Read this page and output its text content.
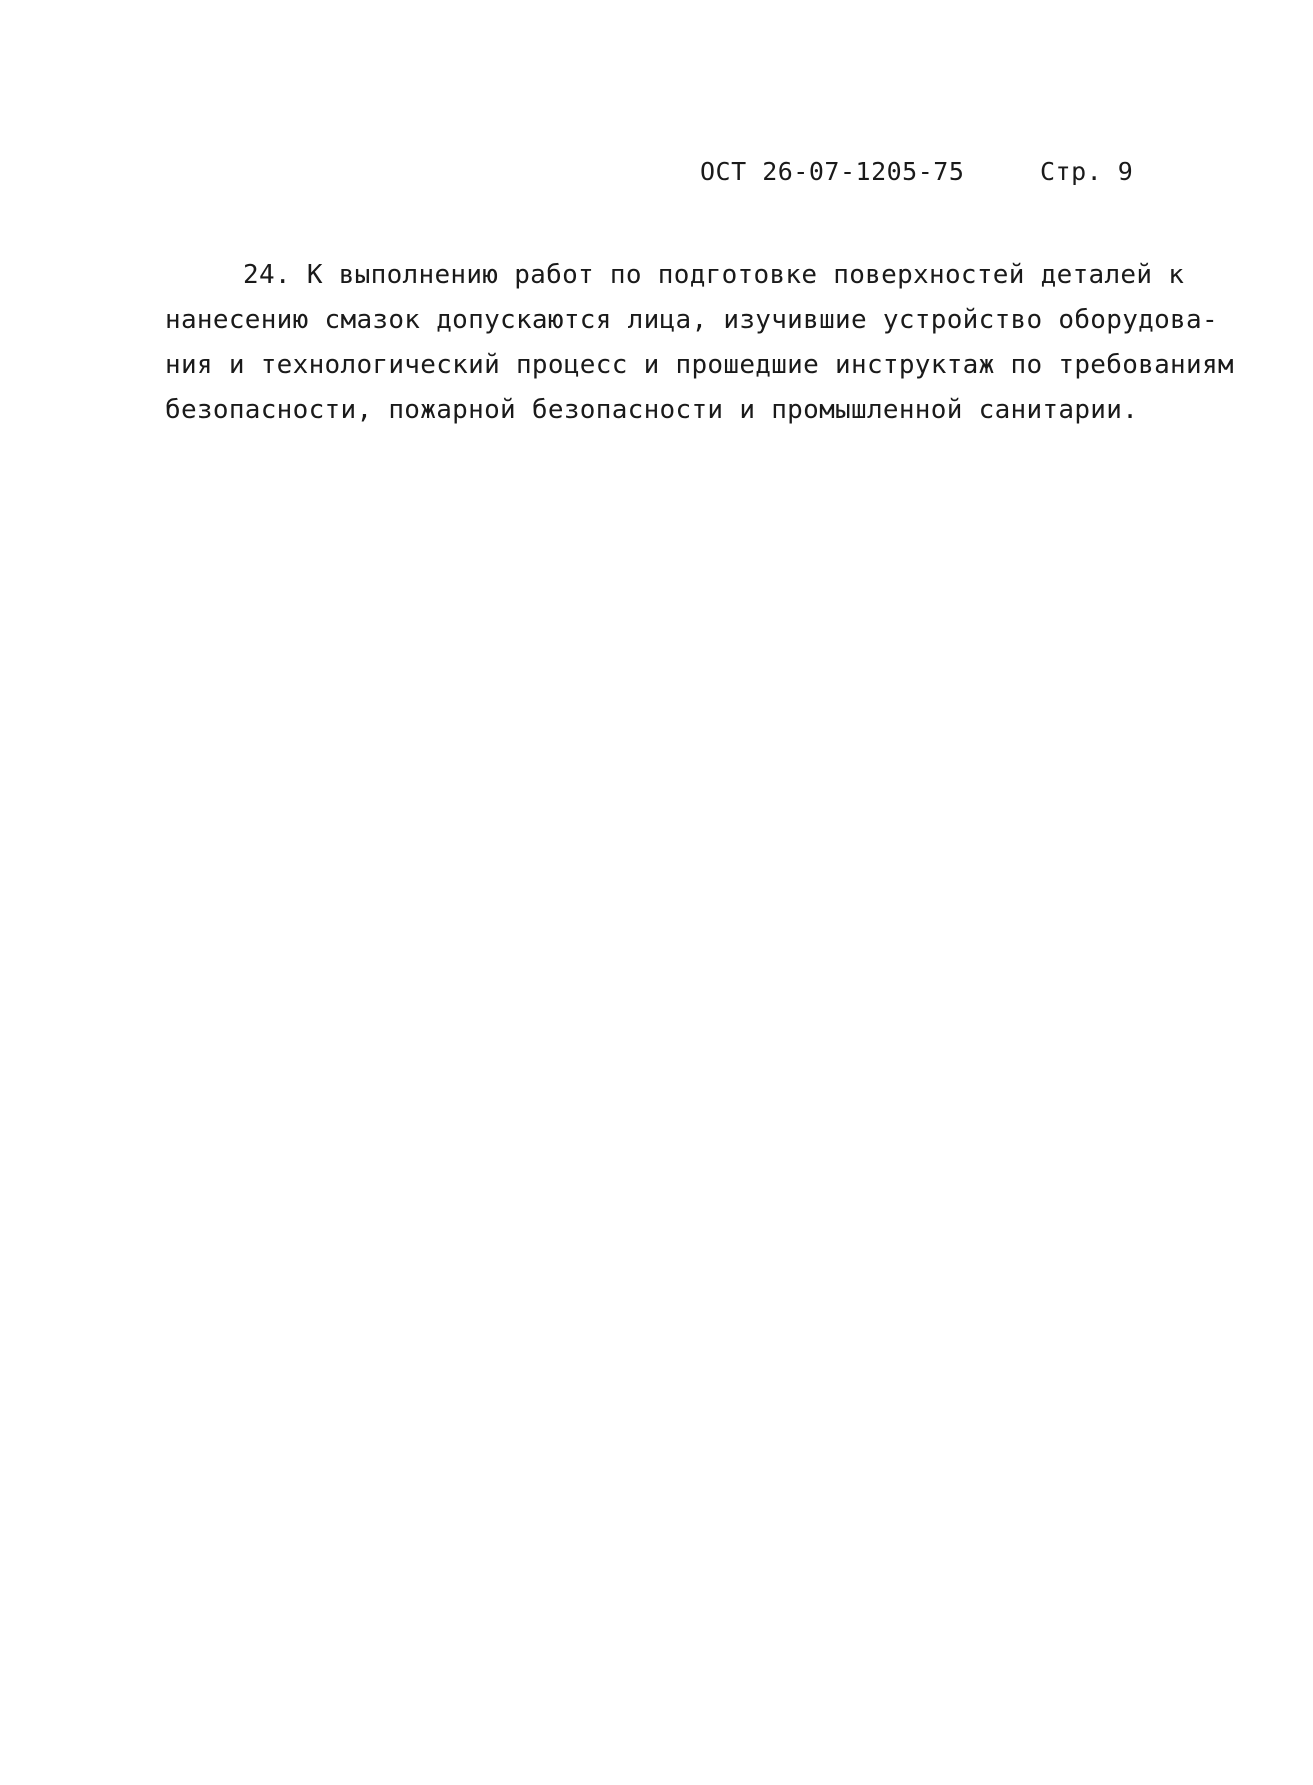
ОСТ 26-07-1205-75	Стр. 9
24. К выполнению работ по подготовке поверхностей деталей к
нанесению смазок допускаются лица, изучившие устройство оборудова-
ния и технологический процесс и прошедшие инструктаж по требованиям
безопасности, пожарной безопасности и промышленной санитарии.
